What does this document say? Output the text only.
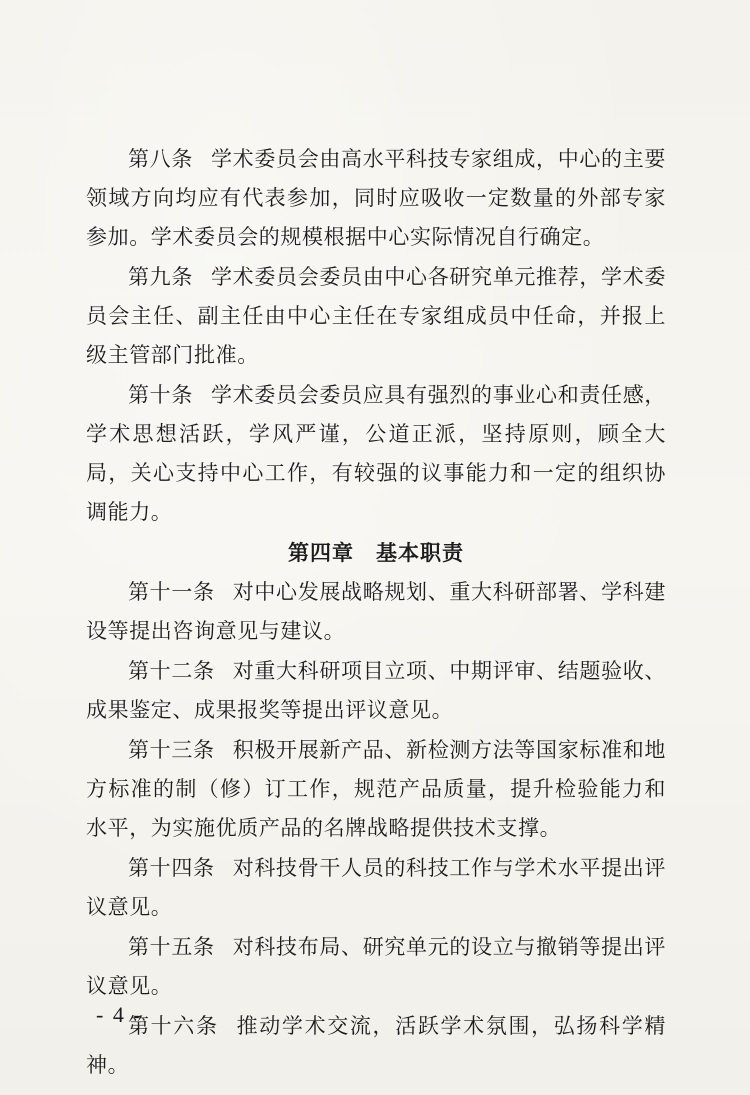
第八条 学术委员会由高水平科技专家组成，中心的主要领域方向均应有代表参加，同时应吸收一定数量的外部专家参加。学术委员会的规模根据中心实际情况自行确定。

第九条 学术委员会委员由中心各研究单元推荐，学术委员会主任、副主任由中心主任在专家组成员中任命，并报上级主管部门批准。

第十条 学术委员会委员应具有强烈的事业心和责任感，学术思想活跃，学风严谨，公道正派，坚持原则，顾全大局，关心支持中心工作，有较强的议事能力和一定的组织协调能力。

第四章 基本职责

第十一条 对中心发展战略规划、重大科研部署、学科建设等提出咨询意见与建议。

第十二条 对重大科研项目立项、中期评审、结题验收、成果鉴定、成果报奖等提出评议意见。

第十三条 积极开展新产品、新检测方法等国家标准和地方标准的制（修）订工作，规范产品质量，提升检验能力和水平，为实施优质产品的名牌战略提供技术支撑。

第十四条 对科技骨干人员的科技工作与学术水平提出评议意见。

第十五条 对科技布局、研究单元的设立与撤销等提出评议意见。

第十六条 推动学术交流，活跃学术氛围，弘扬科学精神。

- 4 -
